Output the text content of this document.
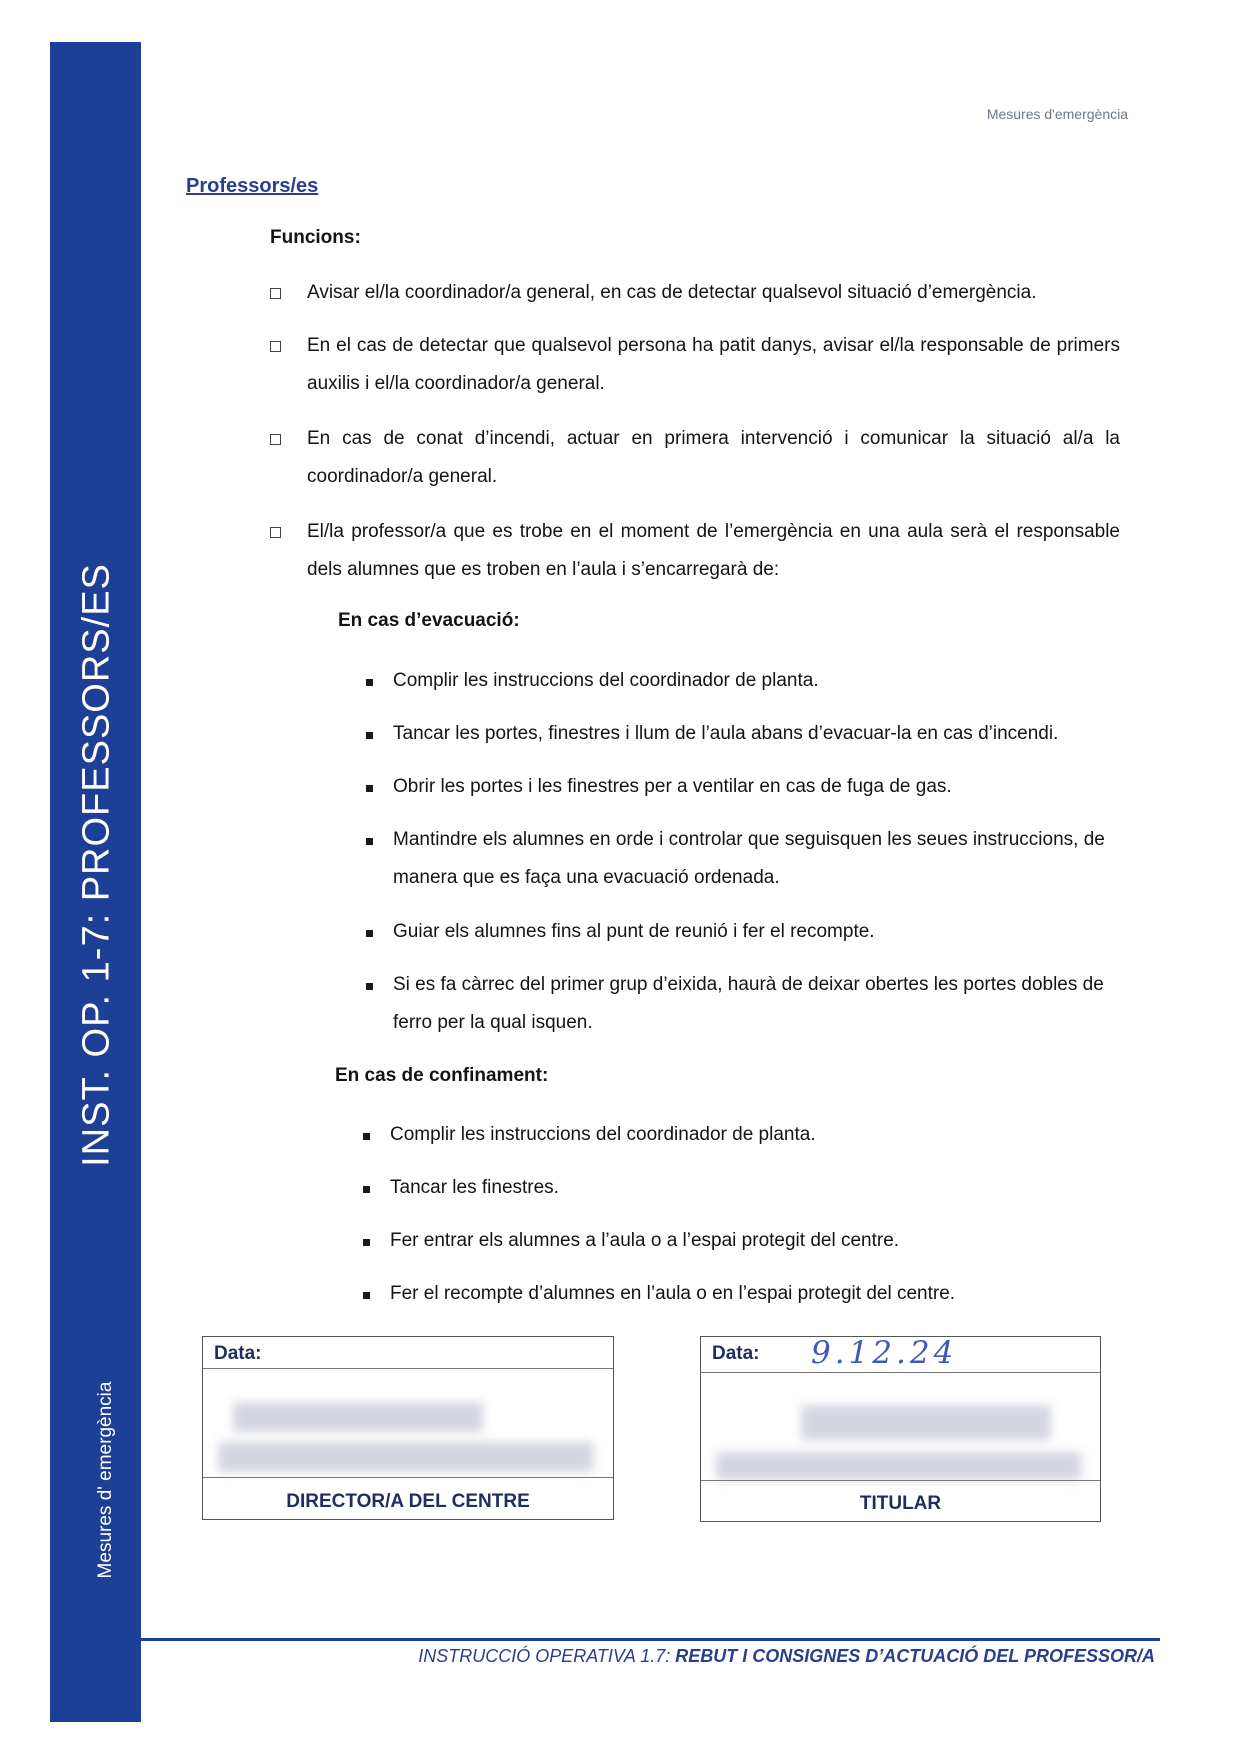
INST. OP. 1-7: PROFESSORS/ES
Mesures d' emergència
Mesures d'emergència
Professors/es
Funcions:
Avisar el/la coordinador/a general, en cas de detectar qualsevol situació d’emergència.
En el cas de detectar que qualsevol persona ha patit danys, avisar el/la responsable de primers auxilis i el/la coordinador/a general.
En cas de conat d’incendi, actuar en primera intervenció i comunicar la situació al/a la coordinador/a general.
El/la professor/a que es trobe en el moment de l’emergència en una aula serà el responsable dels alumnes que es troben en l’aula i s’encarregarà de:
En cas d’evacuació:
Complir les instruccions del coordinador de planta.
Tancar les portes, finestres i llum de l’aula abans d’evacuar-la en cas d’incendi.
Obrir les portes i les finestres per a ventilar en cas de fuga de gas.
Mantindre els alumnes en orde i controlar que seguisquen les seues instruccions, de manera que es faça una evacuació ordenada.
Guiar els alumnes fins al punt de reunió i fer el recompte.
Si es fa càrrec del primer grup d’eixida, haurà de deixar obertes les portes dobles de ferro per la qual isquen.
En cas de confinament:
Complir les instruccions del coordinador de planta.
Tancar les finestres.
Fer entrar els alumnes a l’aula o a l’espai protegit del centre.
Fer el recompte d’alumnes en l’aula o en l’espai protegit del centre.
Data:
DIRECTOR/A DEL CENTRE
Data: 9.12.24
TITULAR
INSTRUCCIÓ OPERATIVA 1.7: REBUT I CONSIGNES D’ACTUACIÓ DEL PROFESSOR/A
